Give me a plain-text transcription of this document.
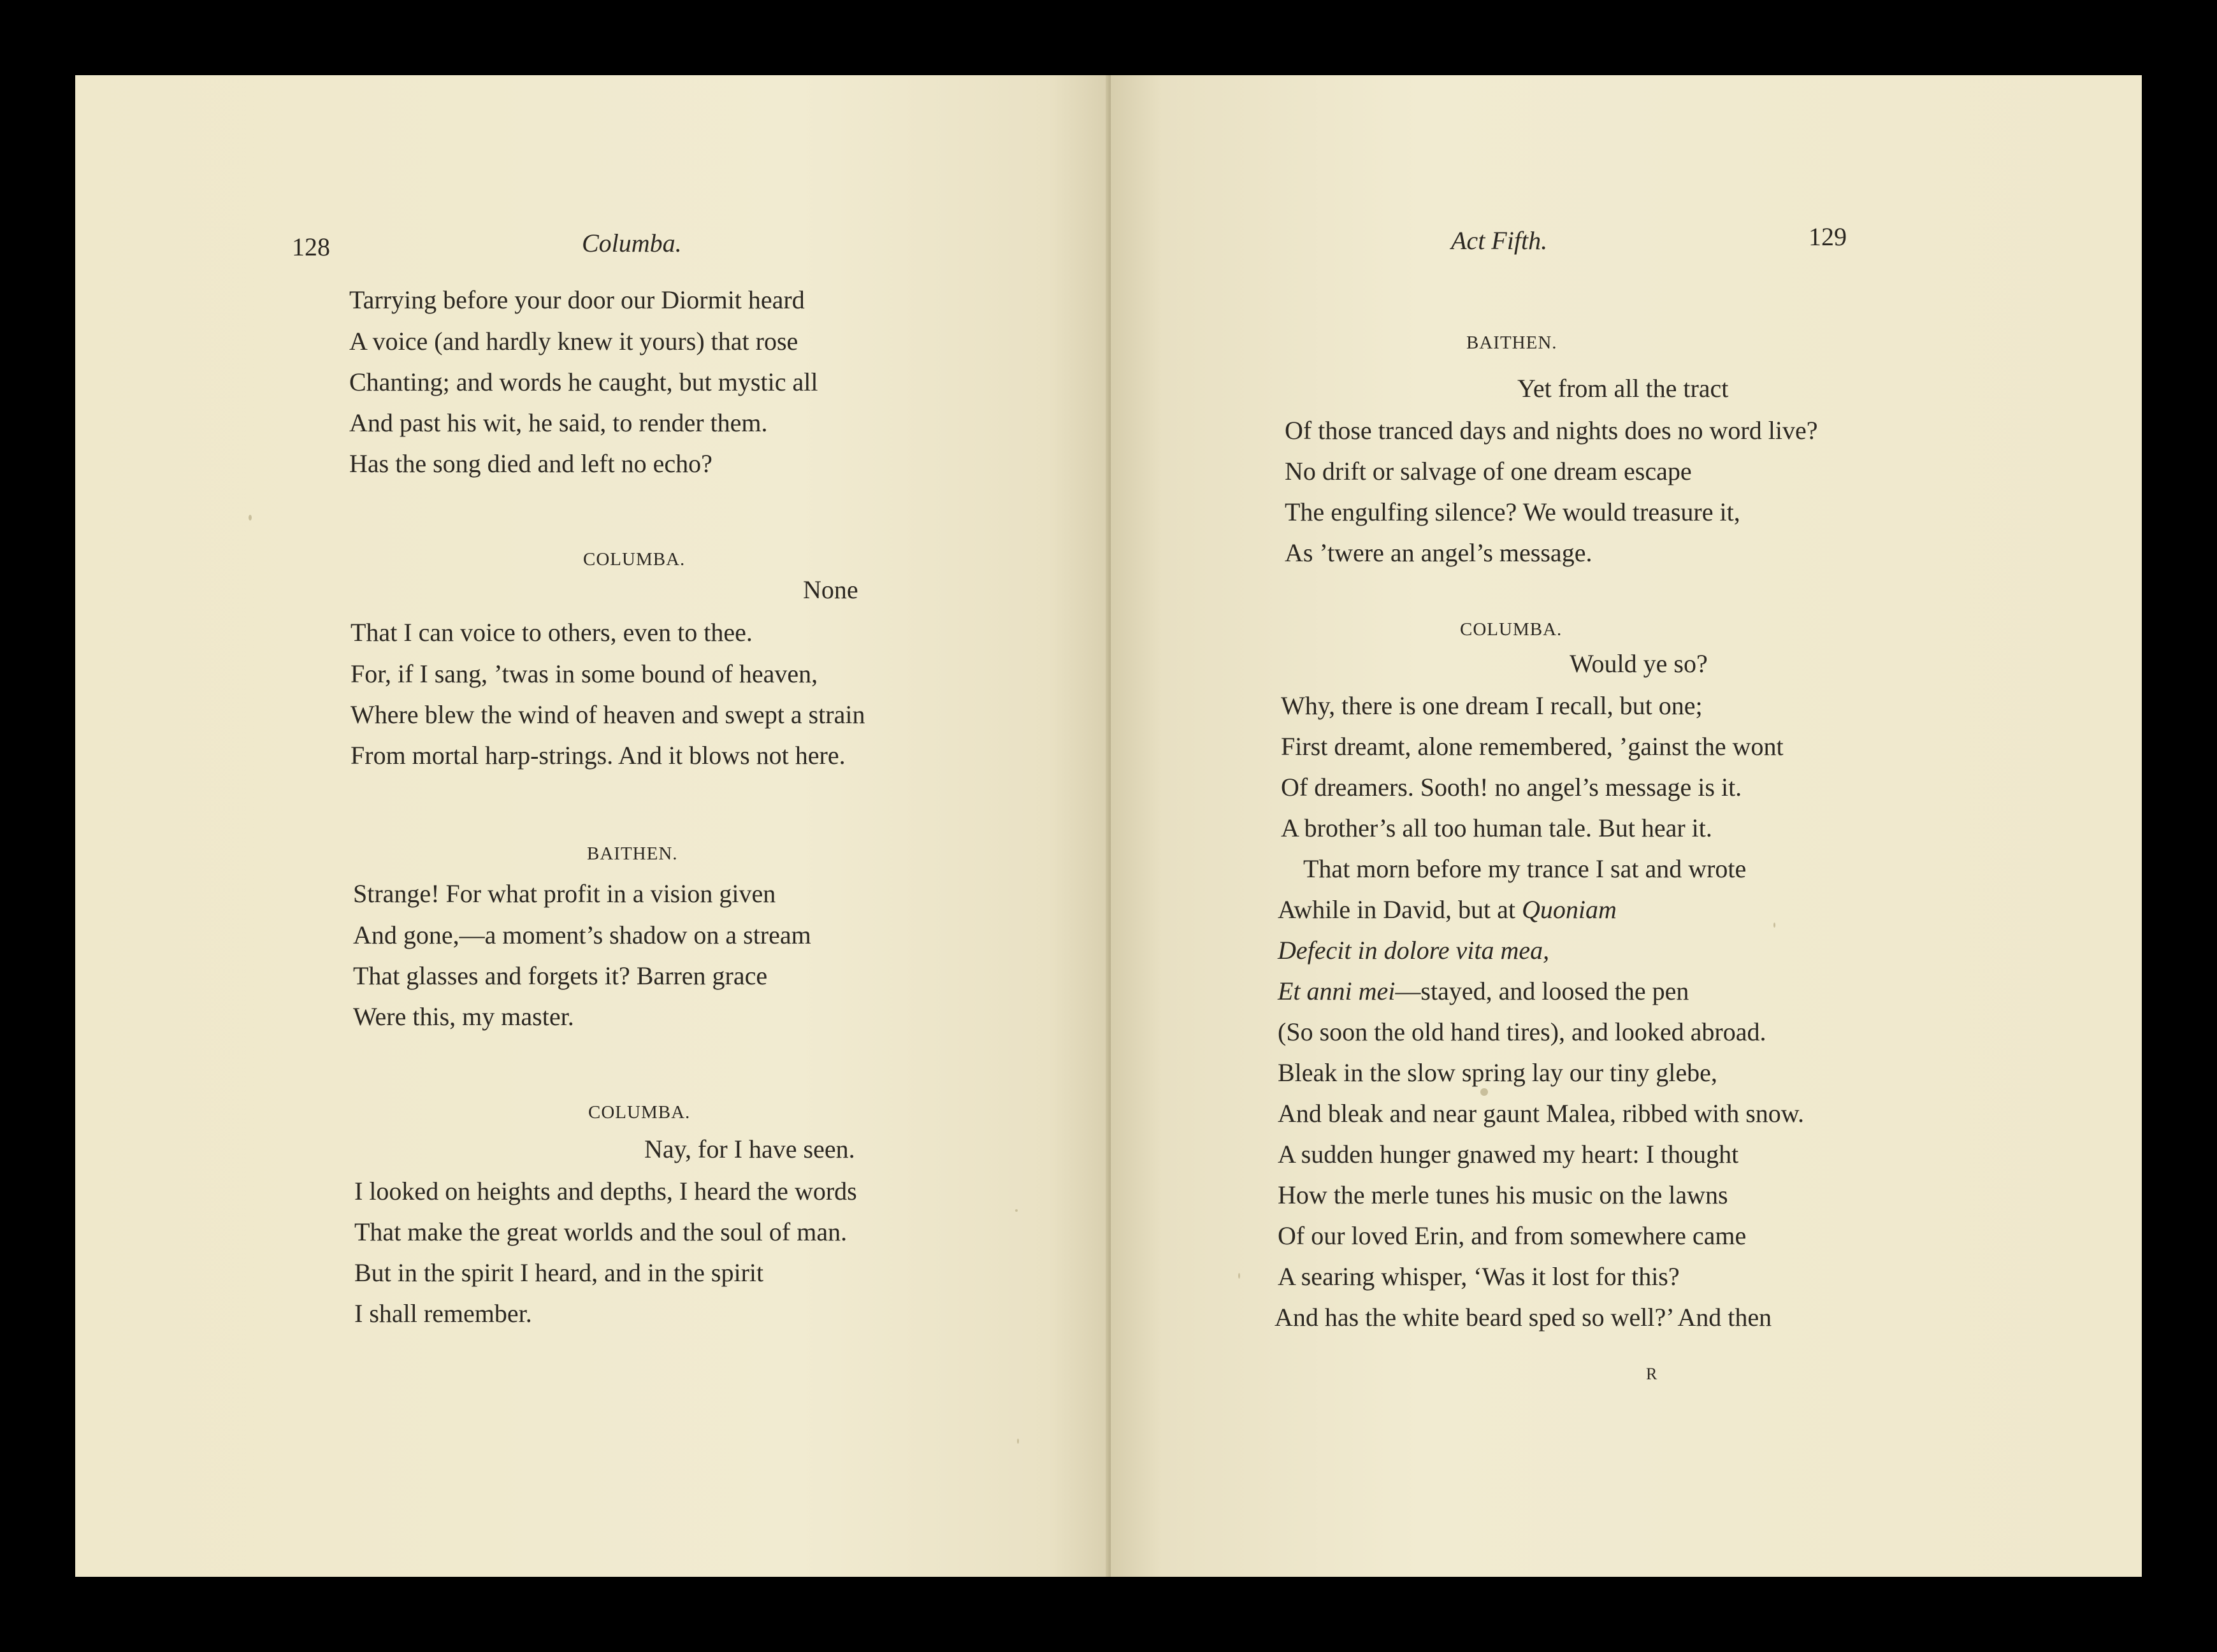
128	Columba.
Tarrying before your door our Diormit heard
A voice (and hardly knew it yours) that rose
Chanting; and words he caught, but mystic all
And past his wit, he said, to render them.
Has the song died and left no echo?
COLUMBA.
None
That I can voice to others, even to thee.
For, if I sang, ’twas in some bound of heaven,
Where blew the wind of heaven and swept a strain
From mortal harp-strings. And it blows not here.
BAITHEN.
Strange! For what profit in a vision given
And gone,—a moment’s shadow on a stream
That glasses and forgets it? Barren grace
Were this, my master.
COLUMBA.
Nay, for I have seen.
I looked on heights and depths, I heard the words
That make the great worlds and the soul of man.
But in the spirit I heard, and in the spirit
I shall remember.
Act Fifth.	129
BAITHEN.
Yet from all the tract
Of those tranced days and nights does no word live?
No drift or salvage of one dream escape
The engulfing silence? We would treasure it,
As ’twere an angel’s message.
COLUMBA.
Would ye so?
Why, there is one dream I recall, but one;
First dreamt, alone remembered, ’gainst the wont
Of dreamers. Sooth! no angel’s message is it.
A brother’s all too human tale. But hear it.
That morn before my trance I sat and wrote
Awhile in David, but at Quoniam
Defecit in dolore vita mea,
Et anni mei—stayed, and loosed the pen
(So soon the old hand tires), and looked abroad.
Bleak in the slow spring lay our tiny glebe,
And bleak and near gaunt Malea, ribbed with snow.
A sudden hunger gnawed my heart: I thought
How the merle tunes his music on the lawns
Of our loved Erin, and from somewhere came
A searing whisper, ‘Was it lost for this?
And has the white beard sped so well?’ And then
R
